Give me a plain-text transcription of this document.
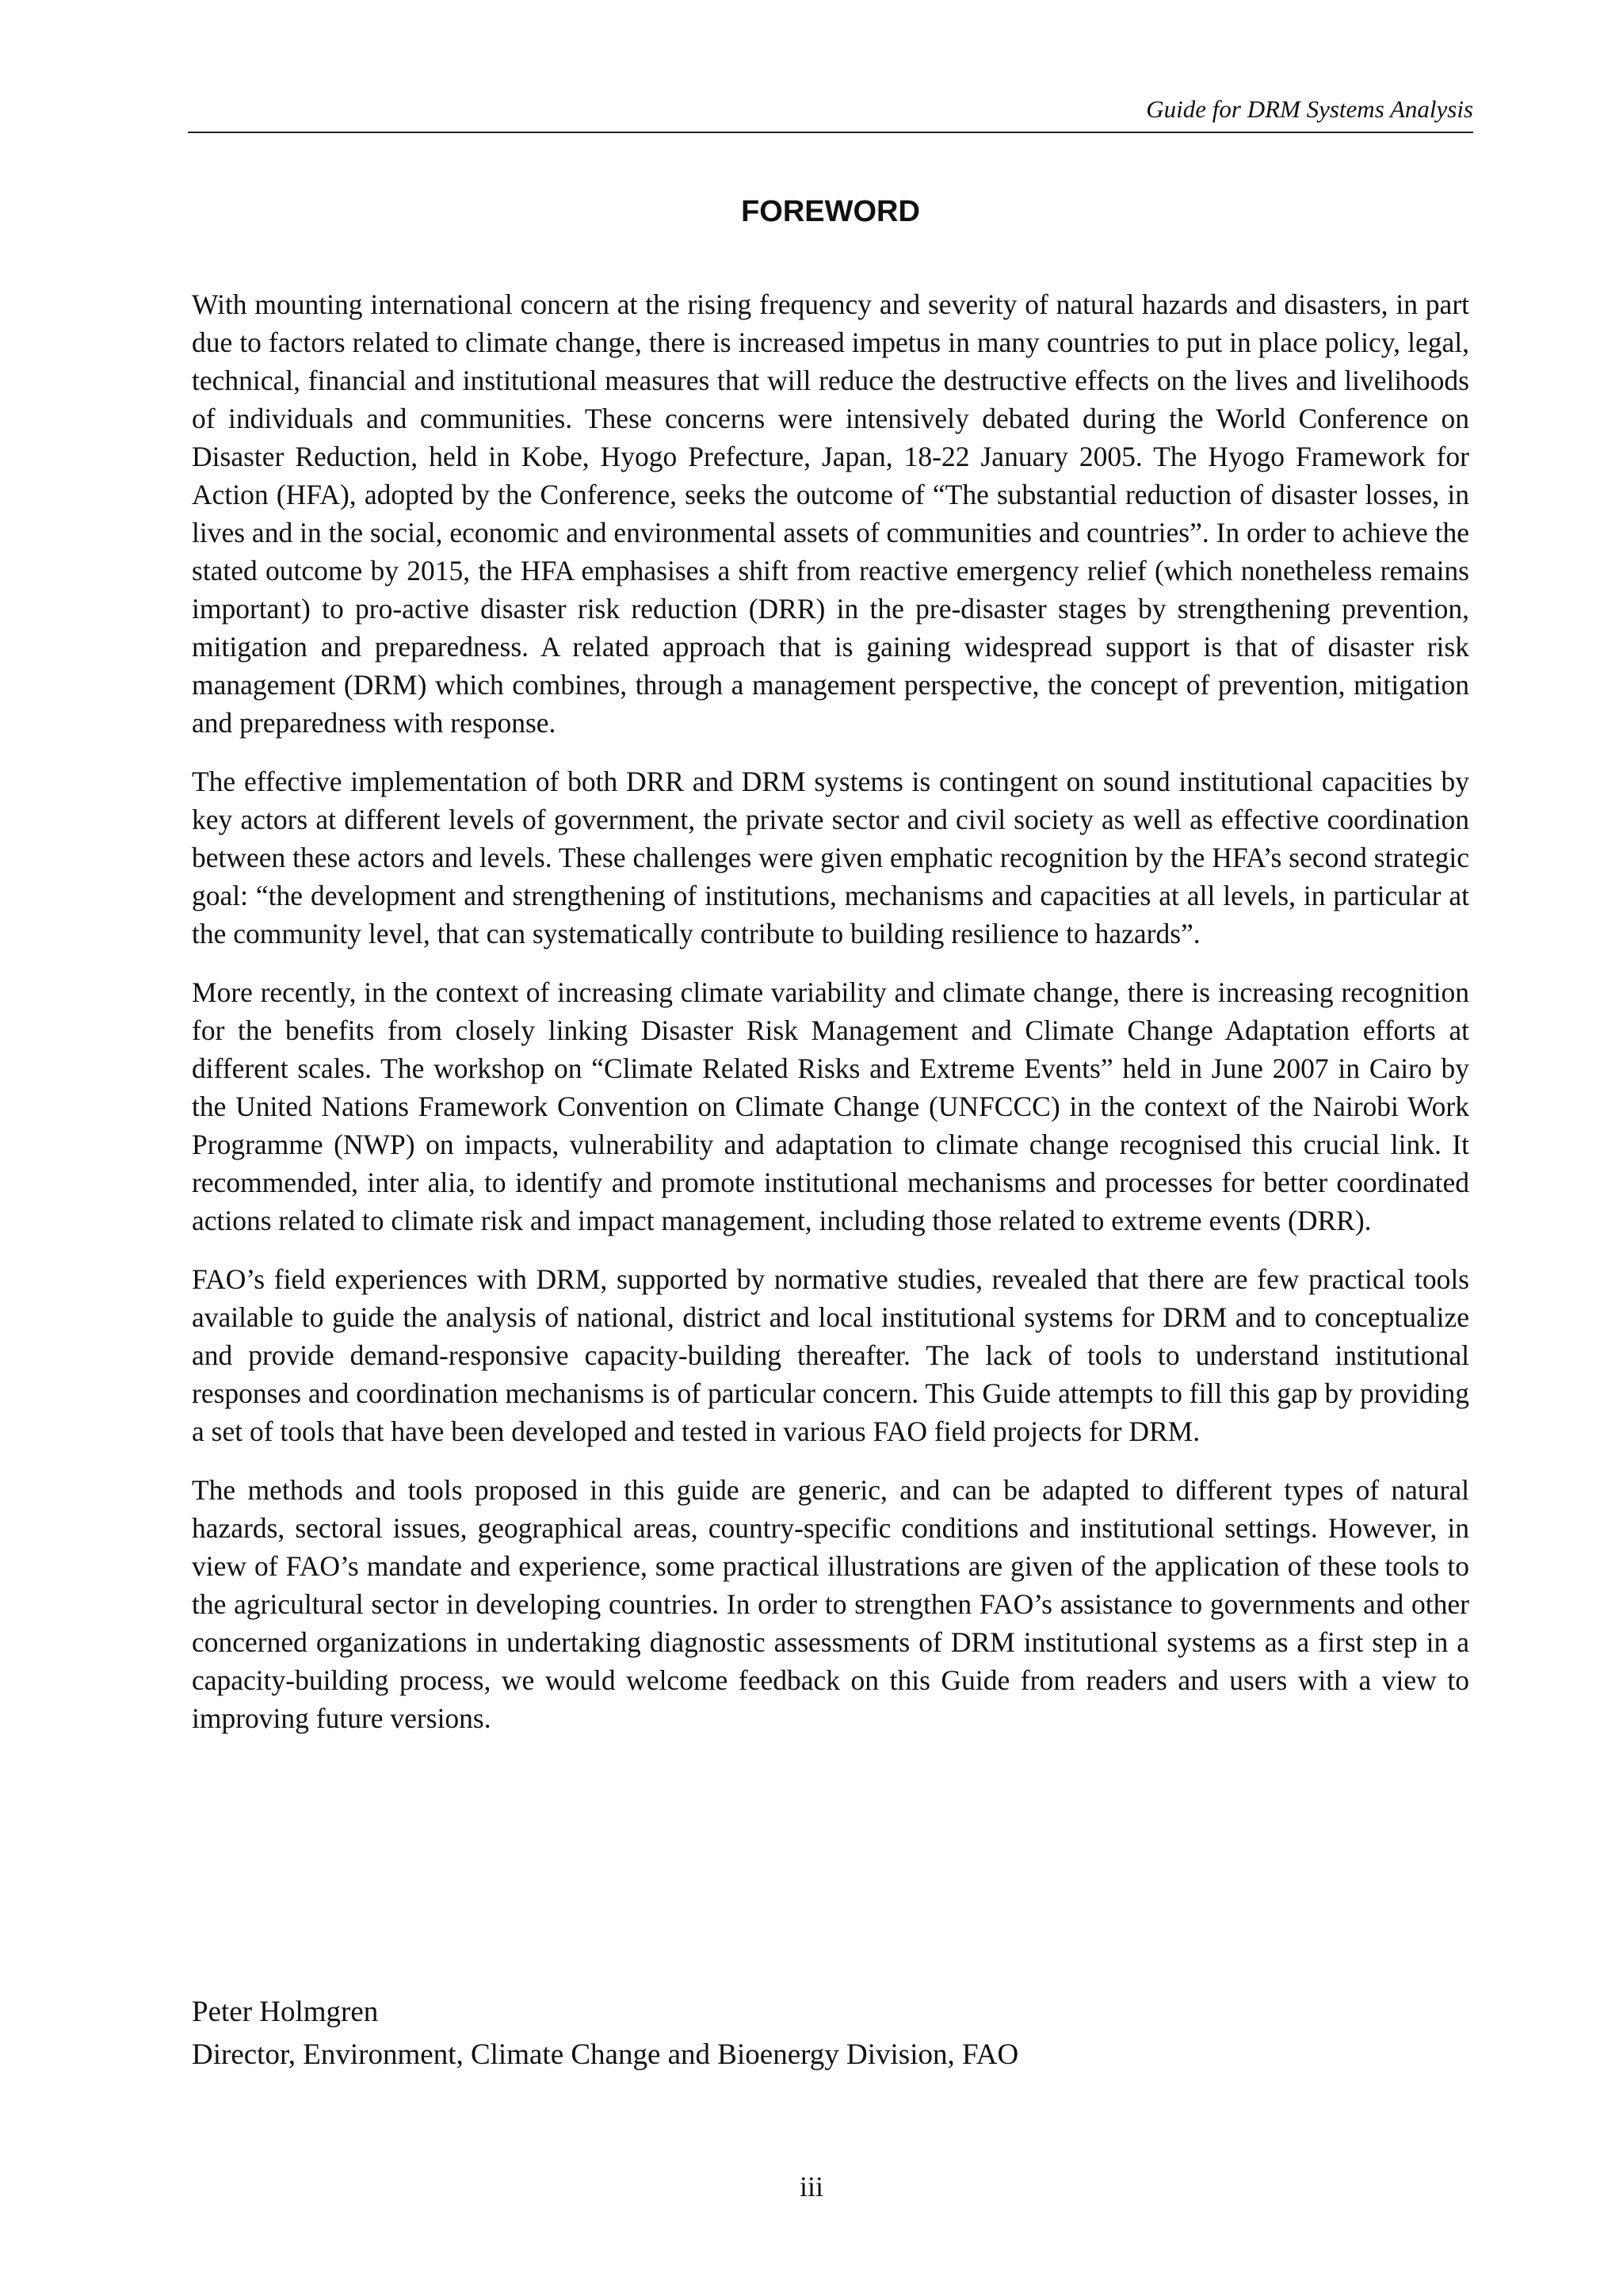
Guide for DRM Systems Analysis
FOREWORD

With mounting international concern at the rising frequency and severity of natural hazards and disasters, in part due to factors related to climate change, there is increased impetus in many countries to put in place policy, legal, technical, financial and institutional measures that will reduce the destructive effects on the lives and livelihoods of individuals and communities. These concerns were intensively debated during the World Conference on Disaster Reduction, held in Kobe, Hyogo Prefecture, Japan, 18-22 January 2005. The Hyogo Framework for Action (HFA), adopted by the Conference, seeks the outcome of “The substantial reduction of disaster losses, in lives and in the social, economic and environmental assets of communities and countries”. In order to achieve the stated outcome by 2015, the HFA emphasises a shift from reactive emergency relief (which nonetheless remains important) to pro-active disaster risk reduction (DRR) in the pre-disaster stages by strengthening prevention, mitigation and preparedness. A related approach that is gaining widespread support is that of disaster risk management (DRM) which combines, through a management perspective, the concept of prevention, mitigation and preparedness with response.

The effective implementation of both DRR and DRM systems is contingent on sound institutional capacities by key actors at different levels of government, the private sector and civil society as well as effective coordination between these actors and levels. These challenges were given emphatic recognition by the HFA’s second strategic goal: “the development and strengthening of institutions, mechanisms and capacities at all levels, in particular at the community level, that can systematically contribute to building resilience to hazards”.

More recently, in the context of increasing climate variability and climate change, there is increasing recognition for the benefits from closely linking Disaster Risk Management and Climate Change Adaptation efforts at different scales. The workshop on “Climate Related Risks and Extreme Events” held in June 2007 in Cairo by the United Nations Framework Convention on Climate Change (UNFCCC) in the context of the Nairobi Work Programme (NWP) on impacts, vulnerability and adaptation to climate change recognised this crucial link. It recommended, inter alia, to identify and promote institutional mechanisms and processes for better coordinated actions related to climate risk and impact management, including those related to extreme events (DRR).

FAO’s field experiences with DRM, supported by normative studies, revealed that there are few practical tools available to guide the analysis of national, district and local institutional systems for DRM and to conceptualize and provide demand-responsive capacity-building thereafter. The lack of tools to understand institutional responses and coordination mechanisms is of particular concern. This Guide attempts to fill this gap by providing a set of tools that have been developed and tested in various FAO field projects for DRM.

The methods and tools proposed in this guide are generic, and can be adapted to different types of natural hazards, sectoral issues, geographical areas, country-specific conditions and institutional settings. However, in view of FAO’s mandate and experience, some practical illustrations are given of the application of these tools to the agricultural sector in developing countries. In order to strengthen FAO’s assistance to governments and other concerned organizations in undertaking diagnostic assessments of DRM institutional systems as a first step in a capacity-building process, we would welcome feedback on this Guide from readers and users with a view to improving future versions.

Peter Holmgren
Director, Environment, Climate Change and Bioenergy Division, FAO
iii
